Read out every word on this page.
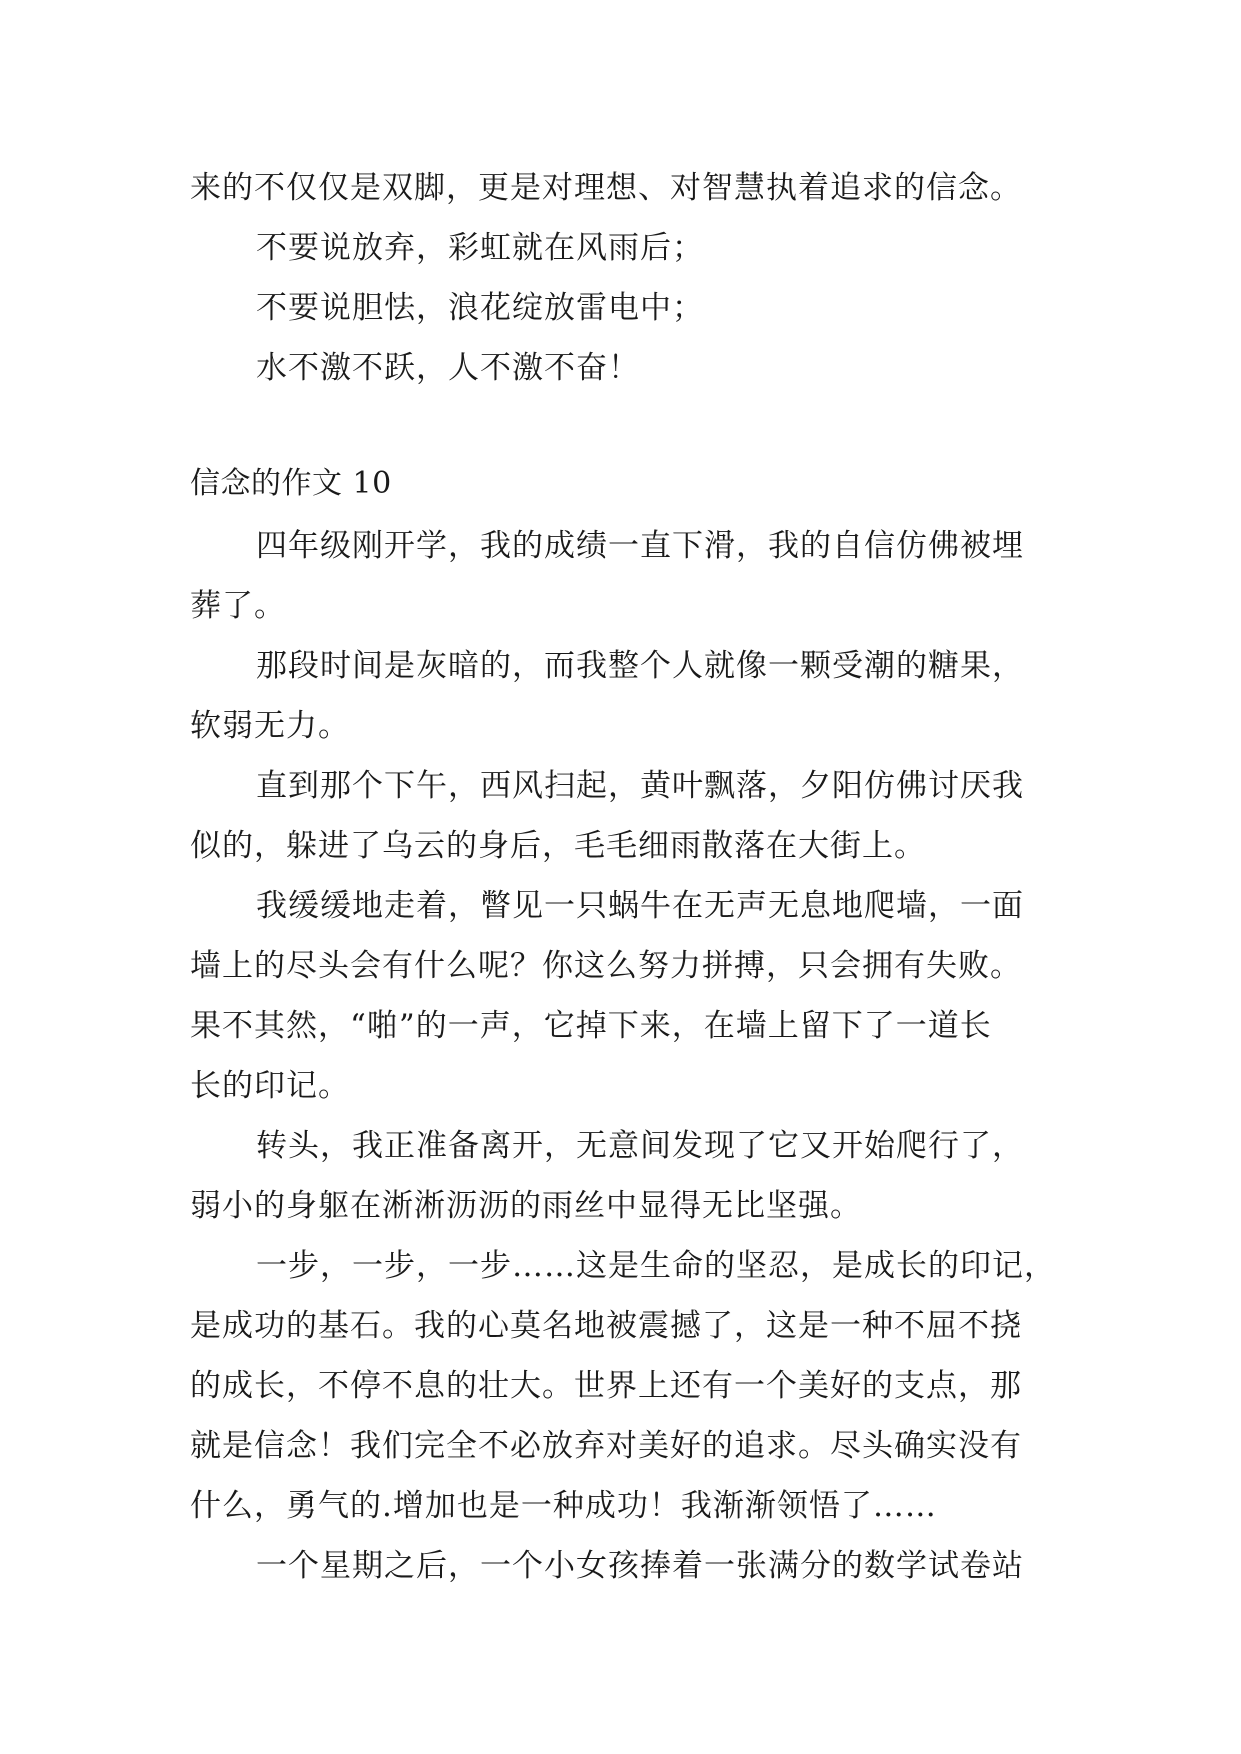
来的不仅仅是双脚，更是对理想、对智慧执着追求的信念。
不要说放弃，彩虹就在风雨后；
不要说胆怯，浪花绽放雷电中；
水不激不跃，人不激不奋！
信念的作文 10
四年级刚开学，我的成绩一直下滑，我的自信仿佛被埋
葬了。
那段时间是灰暗的，而我整个人就像一颗受潮的糖果，
软弱无力。
直到那个下午，西风扫起，黄叶飘落，夕阳仿佛讨厌我
似的，躲进了乌云的身后，毛毛细雨散落在大街上。
我缓缓地走着，瞥见一只蜗牛在无声无息地爬墙，一面
墙上的尽头会有什么呢？你这么努力拼搏，只会拥有失败。
果不其然，“啪”的一声，它掉下来，在墙上留下了一道长
长的印记。
转头，我正准备离开，无意间发现了它又开始爬行了，
弱小的身躯在淅淅沥沥的雨丝中显得无比坚强。
一步，一步，一步……这是生命的坚忍，是成长的印记，
是成功的基石。我的心莫名地被震撼了，这是一种不屈不挠
的成长，不停不息的壮大。世界上还有一个美好的支点，那
就是信念！我们完全不必放弃对美好的追求。尽头确实没有
什么，勇气的.增加也是一种成功！我渐渐领悟了……
一个星期之后，一个小女孩捧着一张满分的数学试卷站
